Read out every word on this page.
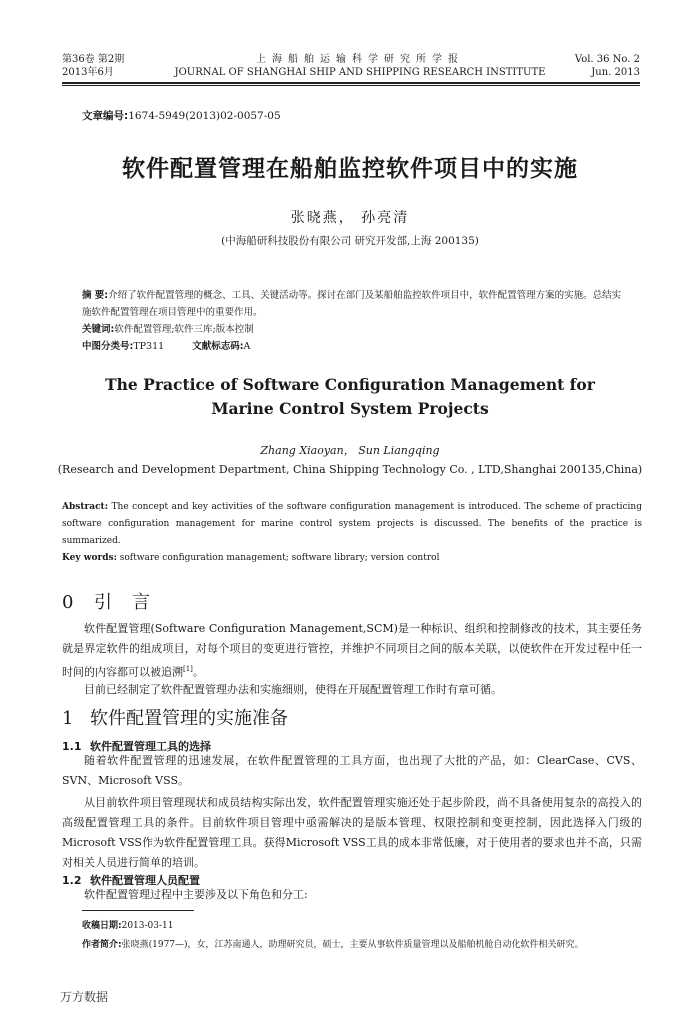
第36卷 第2期
2013年6月
上海船舶运输科学研究所学报
JOURNAL OF SHANGHAI SHIP AND SHIPPING RESEARCH INSTITUTE
Vol. 36 No. 2
Jun. 2013
文章编号:1674-5949(2013)02-0057-05
软件配置管理在船舶监控软件项目中的实施
张晓燕， 孙亮清
(中海船研科技股份有限公司 研究开发部,上海 200135)
摘 要:介绍了软件配置管理的概念、工具、关键活动等。探讨在部门及某船舶监控软件项目中，软件配置管理方案的实施。总结实施软件配置管理在项目管理中的重要作用。
关键词:软件配置管理;软件三库;版本控制
中图分类号:TP311	文献标志码:A
The Practice of Software Configuration Management for
Marine Control System Projects
Zhang Xiaoyan， Sun Liangqing
(Research and Development Department, China Shipping Technology Co. , LTD,Shanghai 200135,China)
Abstract: The concept and key activities of the software configuration management is introduced. The scheme of practicing software configuration management for marine control system projects is discussed. The benefits of the practice is summarized.
Key words: software configuration management; software library; version control
0 引言
软件配置管理(Software Configuration Management,SCM)是一种标识、组织和控制修改的技术，其主要任务就是界定软件的组成项目，对每个项目的变更进行管控，并维护不同项目之间的版本关联，以使软件在开发过程中任一时间的内容都可以被追溯[1]。
目前已经制定了软件配置管理办法和实施细则，使得在开展配置管理工作时有章可循。
1 软件配置管理的实施准备
1.1 软件配置管理工具的选择
随着软件配置管理的迅速发展，在软件配置管理的工具方面，也出现了大批的产品，如：ClearCase、CVS、SVN、Microsoft VSS。
从目前软件项目管理现状和成员结构实际出发，软件配置管理实施还处于起步阶段，尚不具备使用复杂的高投入的高级配置管理工具的条件。目前软件项目管理中亟需解决的是版本管理、权限控制和变更控制，因此选择入门级的Microsoft VSS作为软件配置管理工具。获得Microsoft VSS工具的成本非常低廉，对于使用者的要求也并不高，只需对相关人员进行简单的培训。
1.2 软件配置管理人员配置
软件配置管理过程中主要涉及以下角色和分工:
收稿日期:2013-03-11
作者简介:张晓燕(1977—)，女，江苏南通人，助理研究员，硕士，主要从事软件质量管理以及船舶机舱自动化软件相关研究。
万方数据
